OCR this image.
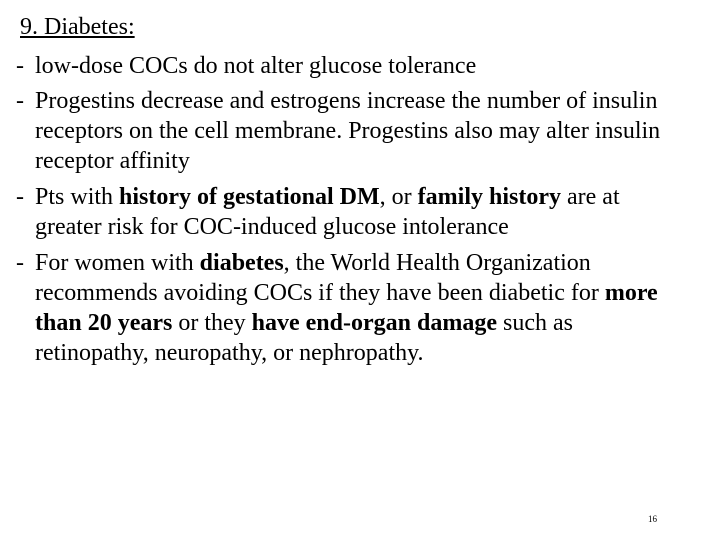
9. Diabetes:
- low-dose COCs do not alter glucose tolerance
- Progestins decrease and estrogens increase the number of insulin receptors on the cell membrane. Progestins also may alter insulin receptor affinity
- Pts with history of gestational DM, or family history are at greater risk for COC-induced glucose intolerance
- For women with diabetes, the World Health Organization recommends avoiding COCs if they have been diabetic for more than 20 years or they have end-organ damage such as retinopathy, neuropathy, or nephropathy.
16
